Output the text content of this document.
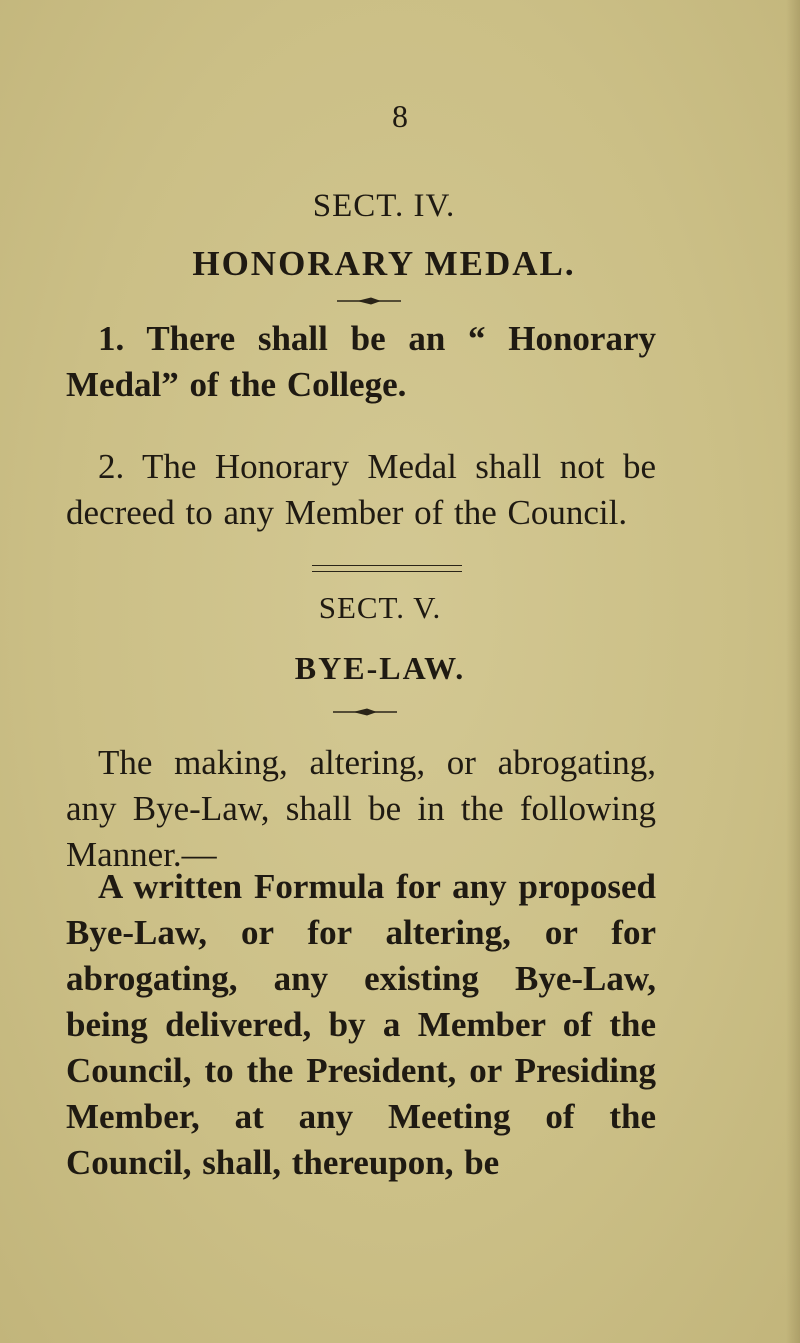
8
SECT. IV.
HONORARY MEDAL.
1. There shall be an “ Honorary Medal” of the College.
2. The Honorary Medal shall not be decreed to any Member of the Council.
SECT. V.
BYE-LAW.
The making, altering, or abrogating, any Bye-Law, shall be in the following Manner.—
A written Formula for any proposed Bye-Law, or for altering, or for abrogating, any existing Bye-Law, being delivered, by a Member of the Council, to the President, or Presiding Member, at any Meeting of the Council, shall, thereupon, be
